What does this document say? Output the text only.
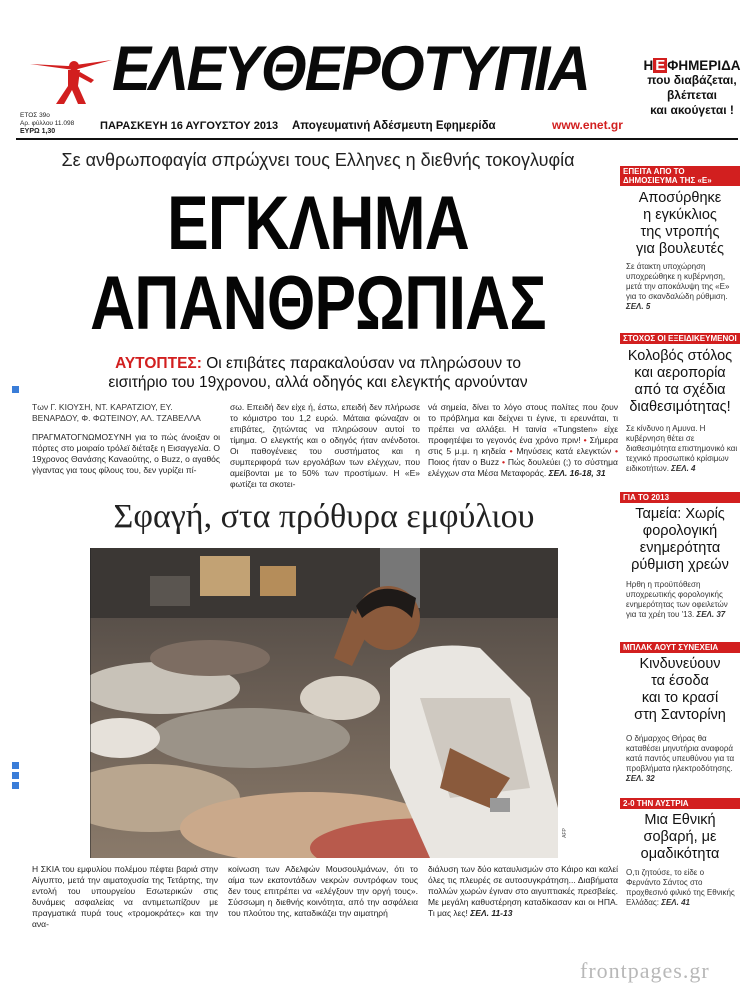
ΕΛΕΥΘΕΡΟΤΥΠΙΑ	Η Ε ΦΗΜΕΡΙΔΑ
που διαβάζεται,
βλέπεται
και ακούγεται !
ΕΤΟΣ 39ο
Αρ. φύλλου 11.098
ΕΥΡΩ 1,30	ΠΑΡΑΣΚΕΥΗ 16 ΑΥΓΟΥΣΤΟΥ 2013 Απογευματινή Αδέσμευτη Εφημερίδα	www.enet.gr
Σε ανθρωποφαγία σπρώχνει τους Ελληνες η διεθνής τοκογλυφία
ΕΓΚΛΗΜΑ
ΑΠΑΝΘΡΩΠΙΑΣ
ΑΥΤΟΠΤΕΣ: Οι επιβάτες παρακαλούσαν να πληρώσουν το
εισιτήριο του 19χρονου, αλλά οδηγός και ελεγκτής αρνούνταν
Των Γ. ΚΙΟΥΣΗ, ΝΤ. ΚΑΡΑΤΖΙΟΥ, ΕΥ. ΒΕΝΑΡΔΟΥ, Φ. ΦΩΤΕΙΝΟΥ, ΑΛ. ΤΖΑΒΕΛΛΑ
ΠΡΑΓΜΑΤΟΓΝΩΜΟΣΥΝΗ για το πώς άνοιξαν οι πόρτες στο μοιραίο τρόλεϊ διέταξε η Εισαγγελία. Ο 19χρονος Θανάσης Κανaούτης, ο Βuzz, ο αγαθός γίγαντας για τους φίλους του, δεν γυρίζει πί-
σω. Επειδή δεν είχε ή, έστω, επειδή δεν πλήρωσε το κόμιστρο του 1,2 ευρώ. Μάταια φώναζαν οι επιβάτες, ζητώντας να πληρώσουν αυτοί το τίμημα. Ο ελεγκτής και ο οδηγός ήταν ανένδοτοι. Οι παθογένειες του συστήματος και η συμπεριφορά των εργολάβων των ελέγχων, που αμείβονται με το 50% των προστίμων. Η «Ε» φωτίζει τα σκοτει-
νά σημεία, δίνει το λόγο στους πολίτες που ζουν το πρόβλημα και δείχνει τι έγινε, τι ερευνάται, τι πρέπει να αλλάξει. Η ταινία «Tungsten» είχε προφητέψει το γεγονός ένα χρόνο πριν! • Σήμερα στις 5 μ.μ. η κηδεία • Μηνύσεις κατά ελεγκτών • Ποιος ήταν ο Buzz • Πώς δουλεύει (;) το σύστημα ελέγχων στα Μέσα Μεταφοράς. ΣΕΛ. 16-18, 31
Σφαγή, στα πρόθυρα εμφύλιου
AFP
Η ΣΚΙΑ του εμφυλίου πολέμου πέφτει βαριά στην Αίγυπτο, μετά την αιματοχυσία της Τετάρτης, την εντολή του υπουργείου Εσωτερικών στις δυνάμεις ασφαλείας να αντιμετωπίζουν με πραγματικά πυρά τους «τρομοκράτες» και την ανα-
κοίνωση των Αδελφών Μουσουλμάνων, ότι το αίμα των εκατοντάδων νεκρών συντρόφων τους δεν τους επιτρέπει να «ελέγξουν την οργή τους». Σύσσωμη η διεθνής κοινότητα, από την ασφάλεια του πλούτου της, καταδικάζει την αιματηρή
διάλυση των δύο καταυλισμών στο Κάιρο και καλεί όλες τις πλευρές σε αυτοσυγκράτηση... Διαβήματα πολλών χωρών έγιναν στο αιγυπτιακές πρεσβείες. Με μεγάλη καθυστέρηση καταδίκασαν και οι ΗΠΑ. Τι μας λες! ΣΕΛ. 11-13
ΕΠΕΙΤΑ ΑΠΟ ΤΟ ΔΗΜΟΣΙΕΥΜΑ ΤΗΣ «Ε»
Αποσύρθηκε
η εγκύκλιος
της ντροπής
για βουλευτές
Σε άτακτη υποχώρηση υποχρεώθηκε η κυβέρνηση, μετά την αποκάλυψη της «Ε» για το σκανδαλώδη ρύθμιση. ΣΕΛ. 5
ΣΤΟΧΟΣ ΟΙ ΕΞΕΙΔΙΚΕΥΜΕΝΟΙ
Κολοβός στόλος
και αεροπορία
από τα σχέδια
διαθεσιμότητας!
Σε κίνδυνο η Αμυνα. Η κυβέρνηση θέτει σε διαθεσιμότητα επιστημονικό και τεχνικό προσωπικό κρίσιμων ειδικοτήτων. ΣΕΛ. 4
ΓΙΑ ΤΟ 2013
Ταμεία: Χωρίς
φορολογική
ενημερότητα
ρύθμιση χρεών
Ηρθη η προϋπόθεση υποχρεωτικής φορολογικής ενημερότητας των οφειλετών για τα χρέη του '13. ΣΕΛ. 37
ΜΠΛΑΚ ΑΟΥΤ ΣΥΝΕΧΕΙΑ
Κινδυνεύουν
τα έσοδα
και το κρασί
στη Σαντορίνη
Ο δήμαρχος Θήρας θα καταθέσει μηνυτήρια αναφορά κατά παντός υπευθύνου για τα προβλήματα ηλεκτροδότησης. ΣΕΛ. 32
2-0 ΤΗΝ ΑΥΣΤΡΙΑ
Μια Εθνική
σοβαρή, με
ομαδικότητα
Ο,τι ζητούσε, το είδε ο Φερνάντο Σάντος στο προχθεσινό φιλικό της Εθνικής Ελλάδας: ΣΕΛ. 41
frontpages.gr
